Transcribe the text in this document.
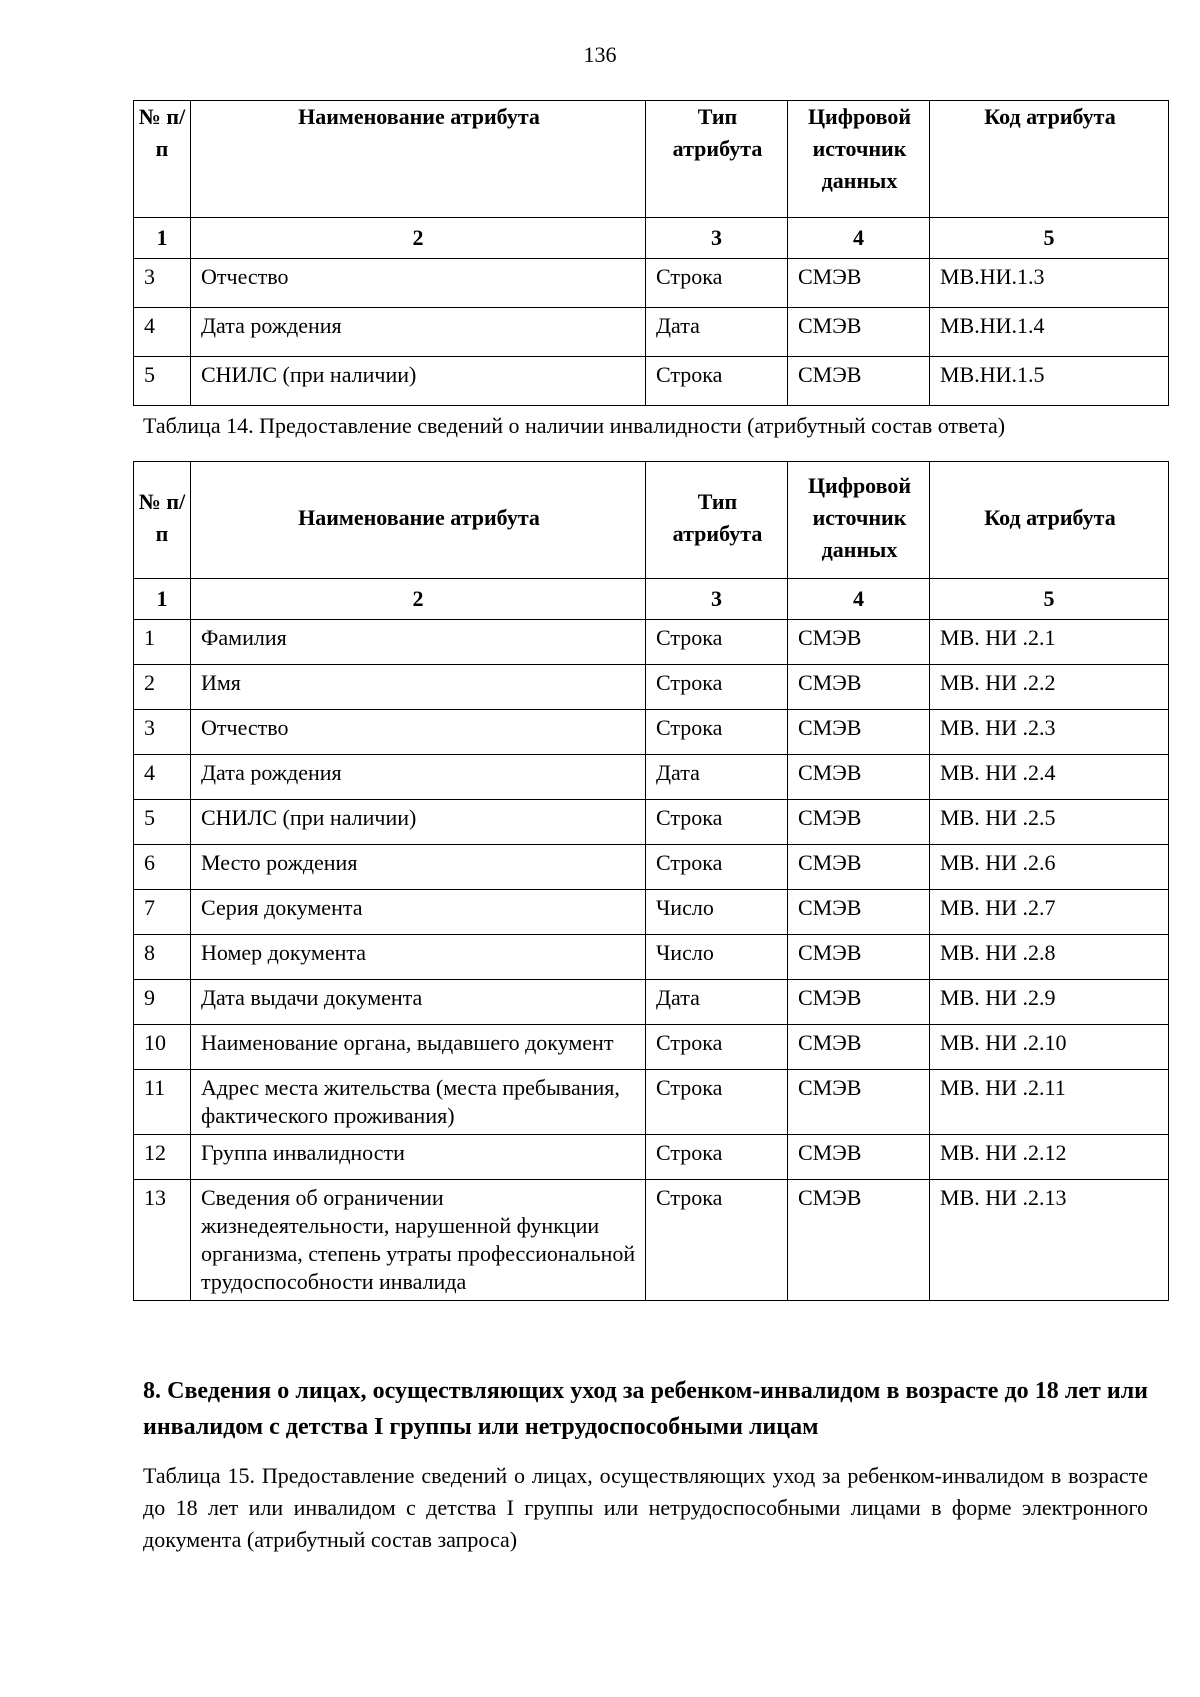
136
№ п/п	Наименование атрибута	Тип атрибута	Цифровой источник данных	Код атрибута
1	2	3	4	5
3	Отчество	Строка	СМЭВ	МВ.НИ.1.3
4	Дата рождения	Дата	СМЭВ	МВ.НИ.1.4
5	СНИЛС (при наличии)	Строка	СМЭВ	МВ.НИ.1.5
Таблица 14. Предоставление сведений о наличии инвалидности (атрибутный состав ответа)
№ п/п	Наименование атрибута	Тип атрибута	Цифровой источник данных	Код атрибута
1	2	3	4	5
1	Фамилия	Строка	СМЭВ	МВ. НИ .2.1
2	Имя	Строка	СМЭВ	МВ. НИ .2.2
3	Отчество	Строка	СМЭВ	МВ. НИ .2.3
4	Дата рождения	Дата	СМЭВ	МВ. НИ .2.4
5	СНИЛС (при наличии)	Строка	СМЭВ	МВ. НИ .2.5
6	Место рождения	Строка	СМЭВ	МВ. НИ .2.6
7	Серия документа	Число	СМЭВ	МВ. НИ .2.7
8	Номер документа	Число	СМЭВ	МВ. НИ .2.8
9	Дата выдачи документа	Дата	СМЭВ	МВ. НИ .2.9
10	Наименование органа, выдавшего документ	Строка	СМЭВ	МВ. НИ .2.10
11	Адрес места жительства (места пребывания, фактического проживания)	Строка	СМЭВ	МВ. НИ .2.11
12	Группа инвалидности	Строка	СМЭВ	МВ. НИ .2.12
13	Сведения об ограничении жизнедеятельности, нарушенной функции организма, степень утраты профессиональной трудоспособности инвалида	Строка	СМЭВ	МВ. НИ .2.13
8. Сведения о лицах, осуществляющих уход за ребенком-инвалидом в возрасте до 18 лет или инвалидом с детства I группы или нетрудоспособными лицам
Таблица 15. Предоставление сведений о лицах, осуществляющих уход за ребенком-инвалидом в возрасте до 18 лет или инвалидом с детства I группы или нетрудоспособными лицами в форме электронного документа (атрибутный состав запроса)
